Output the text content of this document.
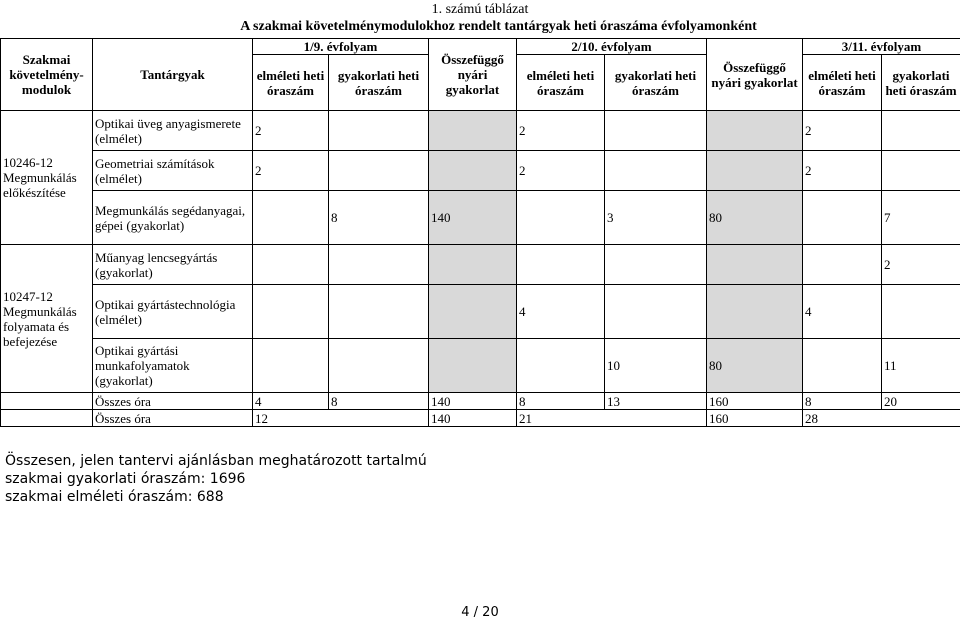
1. számú táblázat
A szakmai követelménymodulokhoz rendelt tantárgyak heti óraszáma évfolyamonként
Szakmai követelmény-modulok	Tantárgyak	1/9. évfolyam		Összefüggő nyári gyakorlat	2/10. évfolyam		Összefüggő nyári gyakorlat	3/11. évfolyam	
		elméleti heti óraszám	gyakorlati heti óraszám		elméleti heti óraszám	gyakorlati heti óraszám		elméleti heti óraszám	gyakorlati heti óraszám
10246-12 Megmunkálás előkészítése	Optikai üveg anyagismerete (elmélet)	2			2			2	
	Geometriai számítások (elmélet)	2			2			2	
	Megmunkálás segédanyagai, gépei (gyakorlat)		8	140		3	80		7
10247-12 Megmunkálás folyamata és befejezése	Műanyag lencsegyártás (gyakorlat)								2
	Optikai gyártástechnológia (elmélet)				4			4	
	Optikai gyártási munkafolyamatok (gyakorlat)					10	80		11
	Összes óra	4	8	140	8	13	160	8	20
	Összes óra	12		140	21		160	28	
Összesen, jelen tantervi ajánlásban meghatározott tartalmú
szakmai gyakorlati óraszám: 1696
szakmai elméleti óraszám: 688
4 / 20
